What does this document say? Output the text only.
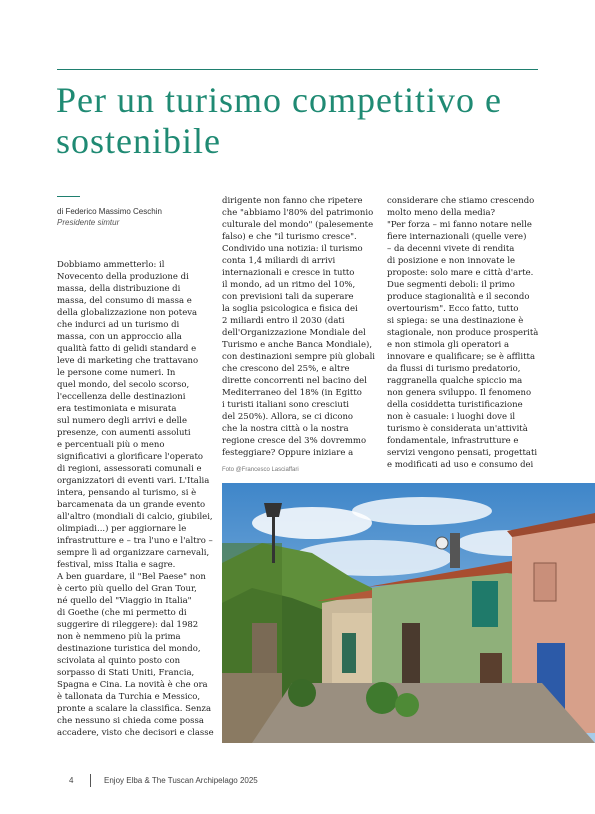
Per un turismo competitivo e sostenibile
di Federico Massimo Ceschin
Presidente simtur
Dobbiamo ammetterlo: il
Novecento della produzione di
massa, della distribuzione di
massa, del consumo di massa e
della globalizzazione non poteva
che indurci ad un turismo di
massa, con un approccio alla
qualità fatto di gelidi standard e
leve di marketing che trattavano
le persone come numeri. In
quel mondo, del secolo scorso,
l'eccellenza delle destinazioni
era testimoniata e misurata
sul numero degli arrivi e delle
presenze, con aumenti assoluti
e percentuali più o meno
significativi a glorificare l'operato
di regioni, assessorati comunali e
organizzatori di eventi vari. L'Italia
intera, pensando al turismo, si è
barcamenata da un grande evento
all'altro (mondiali di calcio, giubilei,
olimpiadi...) per aggiornare le
infrastrutture e – tra l'uno e l'altro –
sempre lì ad organizzare carnevali,
festival, miss Italia e sagre.
A ben guardare, il "Bel Paese" non
è certo più quello del Gran Tour,
né quello del "Viaggio in Italia"
di Goethe (che mi permetto di
suggerire di rileggere): dal 1982
non è nemmeno più la prima
destinazione turistica del mondo,
scivolata al quinto posto con
sorpasso di Stati Uniti, Francia,
Spagna e Cina. La novità è che ora
è tallonata da Turchia e Messico,
pronte a scalare la classifica. Senza
che nessuno si chieda come possa
accadere, visto che decisori e classe
dirigente non fanno che ripetere
che "abbiamo l'80% del patrimonio
culturale del mondo" (palesemente
falso) e che "il turismo cresce".
Condivido una notizia: il turismo
conta 1,4 miliardi di arrivi
internazionali e cresce in tutto
il mondo, ad un ritmo del 10%,
con previsioni tali da superare
la soglia psicologica e fisica dei
2 miliardi entro il 2030 (dati
dell'Organizzazione Mondiale del
Turismo e anche Banca Mondiale),
con destinazioni sempre più globali
che crescono del 25%, e altre
dirette concorrenti nel bacino del
Mediterraneo del 18% (in Egitto
i turisti italiani sono cresciuti
del 250%). Allora, se ci dicono
che la nostra città o la nostra
regione cresce del 3% dovremmo
festeggiare? Oppure iniziare a
considerare che stiamo crescendo
molto meno della media?
"Per forza – mi fanno notare nelle
fiere internazionali (quelle vere)
– da decenni vivete di rendita
di posizione e non innovate le
proposte: solo mare e città d'arte.
Due segmenti deboli: il primo
produce stagionalità e il secondo
overtourism". Ecco fatto, tutto
si spiega: se una destinazione è
stagionale, non produce prosperità
e non stimola gli operatori a
innovare e qualificare; se è afflitta
da flussi di turismo predatorio,
raggranella qualche spiccio ma
non genera sviluppo. Il fenomeno
della cosiddetta turistificazione
non è casuale: i luoghi dove il
turismo è considerata un'attività
fondamentale, infrastrutture e
servizi vengono pensati, progettati
e modificati ad uso e consumo dei
Foto @Francesco Lasciaffari
4	Enjoy Elba & The Tuscan Archipelago 2025
